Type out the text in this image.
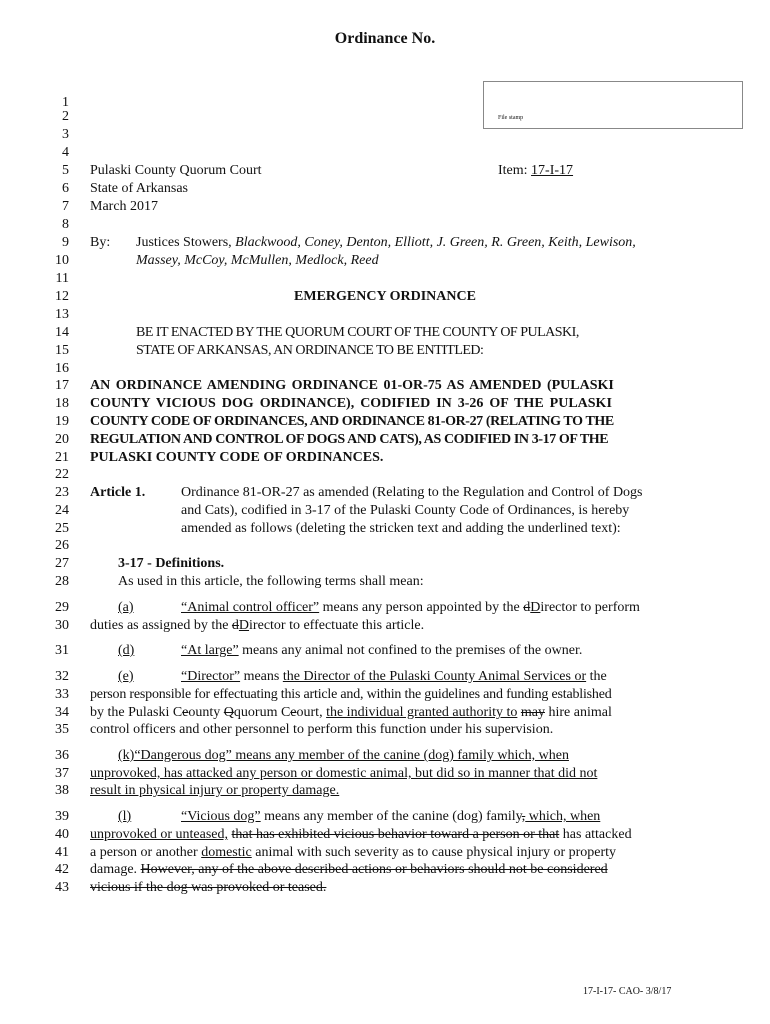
Ordinance No.
File stamp
1
2
3
4
5
6
7
8
9
10
11
12
13
14
15
16
17
18
19
20
21
22
23
24
25
26
27
28
29
30
31
32
33
34
35
36
37
38
39
40
41
42
43
Pulaski County Quorum Court	Item: 17-I-17
State of Arkansas
March 2017
By: Justices Stowers, Blackwood, Coney, Denton, Elliott, J. Green, R. Green, Keith, Lewison,
Massey, McCoy, McMullen, Medlock, Reed
EMERGENCY ORDINANCE
BE IT ENACTED BY THE QUORUM COURT OF THE COUNTY OF PULASKI,
STATE OF ARKANSAS, AN ORDINANCE TO BE ENTITLED:
AN ORDINANCE AMENDING ORDINANCE 01-OR-75 AS AMENDED (PULASKI
COUNTY VICIOUS DOG ORDINANCE), CODIFIED IN 3-26 OF THE PULASKI
COUNTY CODE OF ORDINANCES, AND ORDINANCE 81-OR-27 (RELATING TO THE
REGULATION AND CONTROL OF DOGS AND CATS), AS CODIFIED IN 3-17 OF THE
PULASKI COUNTY CODE OF ORDINANCES.
Article 1.	Ordinance 81-OR-27 as amended (Relating to the Regulation and Control of Dogs
and Cats), codified in 3-17 of the Pulaski County Code of Ordinances, is hereby
amended as follows (deleting the stricken text and adding the underlined text):
3-17 - Definitions.
As used in this article, the following terms shall mean:
(a)	“Animal control officer” means any person appointed by the dDirector to perform
duties as assigned by the dDirector to effectuate this article.
(d)	“At large” means any animal not confined to the premises of the owner.
(e)	“Director” means the Director of the Pulaski County Animal Services or the
person responsible for effectuating this article and, within the guidelines and funding established
by the Pulaski Ceounty Qquorum Ceourt, the individual granted authority to may hire animal
control officers and other personnel to perform this function under his supervision.
(k)“Dangerous dog” means any member of the canine (dog) family which, when
unprovoked, has attacked any person or domestic animal, but did so in manner that did not
result in physical injury or property damage.
(l)	“Vicious dog” means any member of the canine (dog) family, which, when
unprovoked or unteased, that has exhibited vicious behavior toward a person or that has attacked
a person or another domestic animal with such severity as to cause physical injury or property
damage. However, any of the above described actions or behaviors should not be considered
vicious if the dog was provoked or teased.
17-I-17- CAO- 3/8/17
